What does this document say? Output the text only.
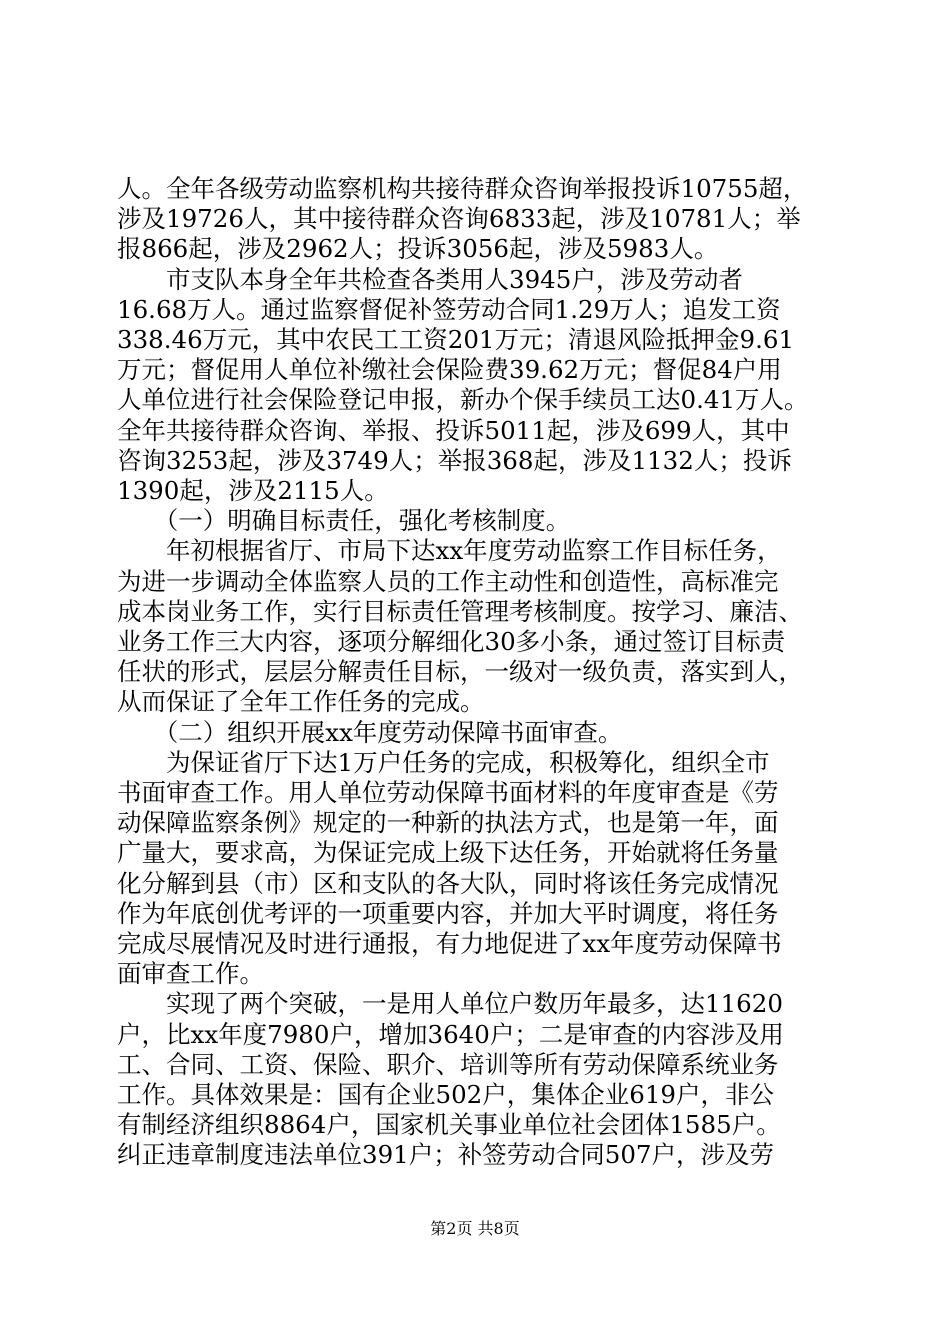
人。全年各级劳动监察机构共接待群众咨询举报投诉10755超，
涉及19726人，其中接待群众咨询6833起，涉及10781人；举
报866起，涉及2962人；投诉3056起，涉及5983人。
　　市支队本身全年共检查各类用人3945户，涉及劳动者
16.68万人。通过监察督促补签劳动合同1.29万人；追发工资
338.46万元，其中农民工工资201万元；清退风险抵押金9.61
万元；督促用人单位补缴社会保险费39.62万元；督促84户用
人单位进行社会保险登记申报，新办个保手续员工达0.41万人。
全年共接待群众咨询、举报、投诉5011起，涉及699人，其中
咨询3253起，涉及3749人；举报368起，涉及1132人；投诉
1390起，涉及2115人。
　　（一）明确目标责任，强化考核制度。
　　年初根据省厅、市局下达xx年度劳动监察工作目标任务，
为进一步调动全体监察人员的工作主动性和创造性，高标准完
成本岗业务工作，实行目标责任管理考核制度。按学习、廉洁、
业务工作三大内容，逐项分解细化30多小条，通过签订目标责
任状的形式，层层分解责任目标，一级对一级负责，落实到人，
从而保证了全年工作任务的完成。
　　（二）组织开展xx年度劳动保障书面审查。
　　为保证省厅下达1万户任务的完成，积极筹化，组织全市
书面审查工作。用人单位劳动保障书面材料的年度审查是《劳
动保障监察条例》规定的一种新的执法方式，也是第一年，面
广量大，要求高，为保证完成上级下达任务，开始就将任务量
化分解到县（市）区和支队的各大队，同时将该任务完成情况
作为年底创优考评的一项重要内容，并加大平时调度，将任务
完成尽展情况及时进行通报，有力地促进了xx年度劳动保障书
面审查工作。
　　实现了两个突破，一是用人单位户数历年最多，达11620
户，比xx年度7980户，增加3640户；二是审查的内容涉及用
工、合同、工资、保险、职介、培训等所有劳动保障系统业务
工作。具体效果是：国有企业502户，集体企业619户，非公
有制经济组织8864户，国家机关事业单位社会团体1585户。
纠正违章制度违法单位391户；补签劳动合同507户，涉及劳
第2页 共8页
